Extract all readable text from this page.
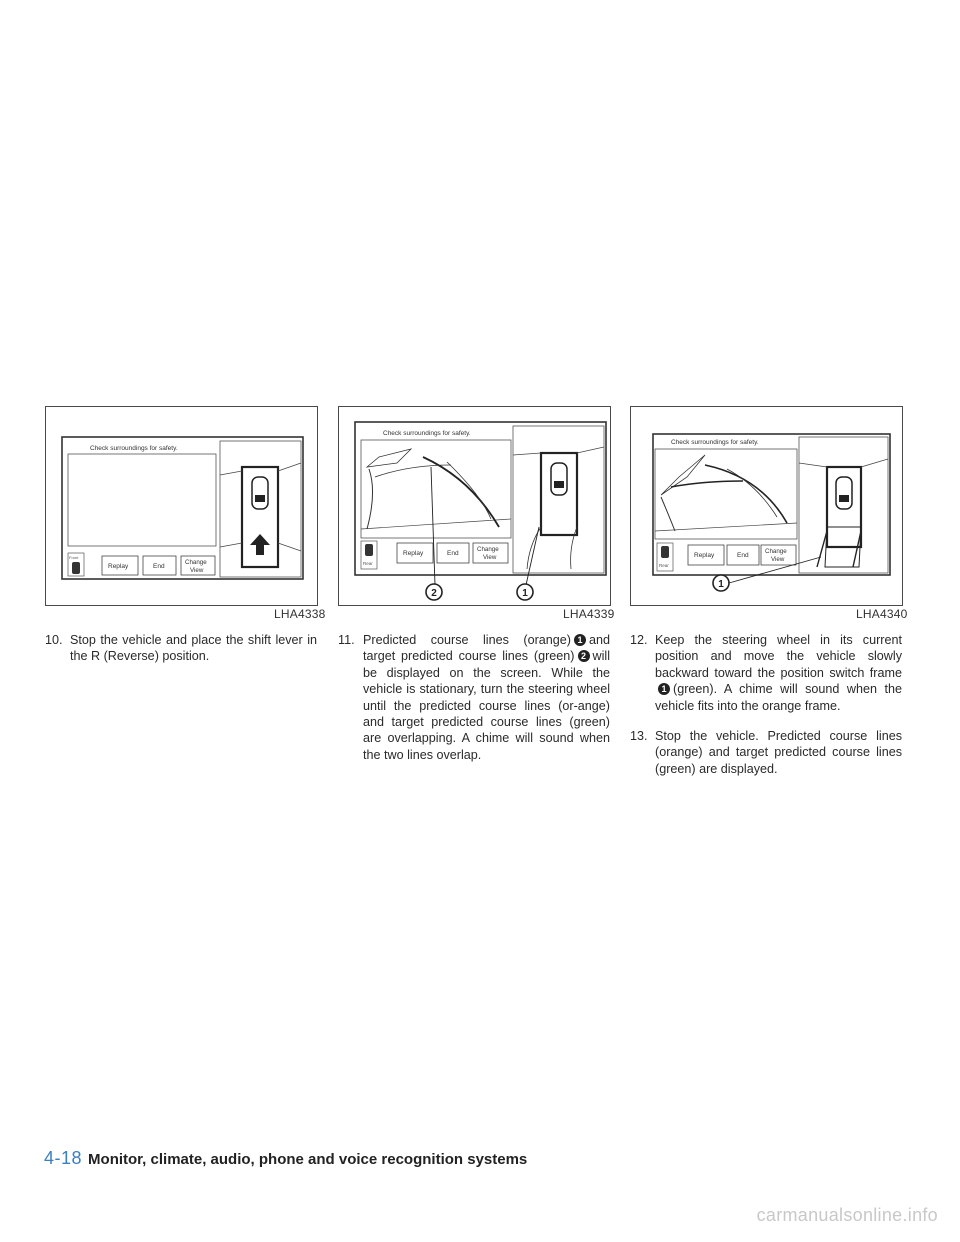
Check surroundings for safety.
Front
Replay	End
Change
View
LHA4338
Check surroundings for safety.
Rear
Replay	End
Change
View
2	1
LHA4339
Check surroundings for safety.
Rear
Replay	End
Change
View
1
LHA4340
10. Stop the vehicle and place the shift lever in the R (Reverse) position.
11. Predicted course lines (orange) 1 and target predicted course lines (green) 2 will be displayed on the screen. While the vehicle is stationary, turn the steering wheel until the predicted course lines (or-ange) and target predicted course lines (green) are overlapping. A chime will sound when the two lines overlap.
12. Keep the steering wheel in its current position and move the vehicle slowly backward toward the position switch frame1 (green). A chime will sound when the vehicle fits into the orange frame.
13. Stop the vehicle. Predicted course lines (orange) and target predicted course lines (green) are displayed.
4-18 Monitor, climate, audio, phone and voice recognition systems
carmanualsonline.info
